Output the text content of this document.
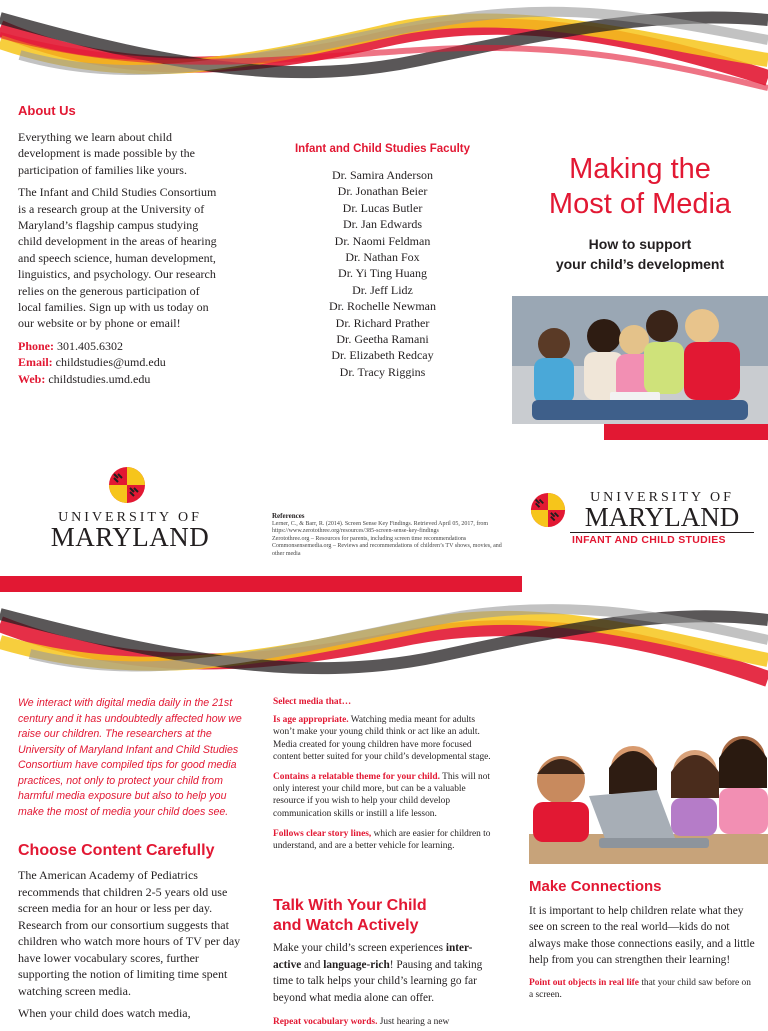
About Us

Everything we learn about child development is made possible by the participation of families like yours.

The Infant and Child Studies Consortium is a research group at the University of Maryland’s flagship campus studying child development in the areas of hearing and speech science, human development, linguistics, and psychology. Our research relies on the generous participation of local families. Sign up with us today on our website or by phone or email!

Phone: 301.405.6302
Email: childstudies@umd.edu
Web: childstudies.umd.edu
UNIVERSITY OF
MARYLAND
Infant and Child Studies Faculty
Dr. Samira Anderson
Dr. Jonathan Beier
Dr. Lucas Butler
Dr. Jan Edwards
Dr. Naomi Feldman
Dr. Nathan Fox
Dr. Yi Ting Huang
Dr. Jeff Lidz
Dr. Rochelle Newman
Dr. Richard Prather
Dr. Geetha Ramani
Dr. Elizabeth Redcay
Dr. Tracy Riggins
References
Lerner, C., & Barr, R. (2014). Screen Sense Key Findings. Retrieved April 05, 2017, from https://www.zerotothree.org/resources/385-screen-sense-key-findings
Zerotothree.org – Resources for parents, including screen time recommendations
Commonsensemedia.org – Reviews and recommendations of children’s TV shows, movies, and other media
Making the
Most of Media
How to support
your child’s development
UNIVERSITY OF
MARYLAND
INFANT AND CHILD STUDIES
We interact with digital media daily in the 21st century and it has undoubtedly affected how we raise our children. The researchers at the University of Maryland Infant and Child Studies Consortium have compiled tips for good media practices, not only to protect your child from harmful media exposure but also to help you make the most of media your child does see.
Choose Content Carefully

The American Academy of Pediatrics recommends that children 2-5 years old use screen media for an hour or less per day. Research from our consortium suggests that children who watch more hours of TV per day have lower vocabulary scores, further supporting the notion of limiting time spent watching screen media.

When your child does watch media,

Select media that…

Is age appropriate. Watching media meant for adults won’t make your young child think or act like an adult. Media created for young children have more focused content better suited for your child’s developmental stage.

Contains a relatable theme for your child. This will not only interest your child more, but can be a valuable resource if you wish to help your child develop communication skills or instill a life lesson.

Follows clear story lines, which are easier for children to understand, and are a better vehicle for learning.

Talk With Your Child
and Watch Actively

Make your child’s screen experiences inter-active and language-rich! Pausing and taking time to talk helps your child’s learning go far beyond what media alone can offer.

Repeat vocabulary words. Just hearing a new

Make Connections

It is important to help children relate what they see on screen to the real world—kids do not always make those connections easily, and a little help from you can strengthen their learning!

Point out objects in real life that your child saw before on a screen.
